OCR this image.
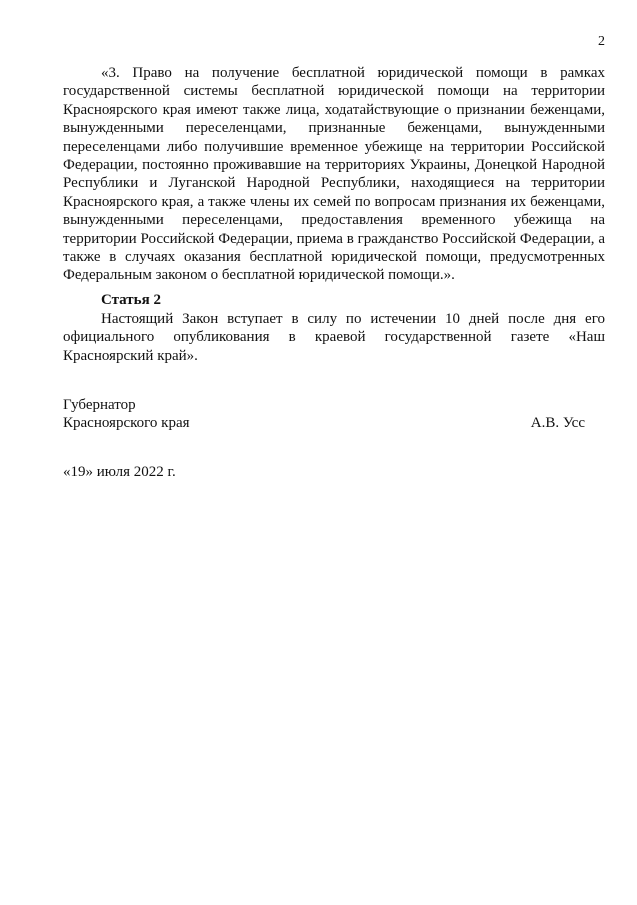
2

«3. Право на получение бесплатной юридической помощи в рамках государственной системы бесплатной юридической помощи на территории Красноярского края имеют также лица, ходатайствующие о признании беженцами, вынужденными переселенцами, признанные беженцами, вынужденными переселенцами либо получившие временное убежище на территории Российской Федерации, постоянно проживавшие на территориях Украины, Донецкой Народной Республики и Луганской Народной Республики, находящиеся на территории Красноярского края, а также члены их семей по вопросам признания их беженцами, вынужденными переселенцами, предоставления временного убежища на территории Российской Федерации, приема в гражданство Российской Федерации, а также в случаях оказания бесплатной юридической помощи, предусмотренных Федеральным законом о бесплатной юридической помощи.».

Статья 2

Настоящий Закон вступает в силу по истечении 10 дней после дня его официального опубликования в краевой государственной газете «Наш Красноярский край».

Губернатор
Красноярского края	А.В. Усс
«19» июля 2022 г.
